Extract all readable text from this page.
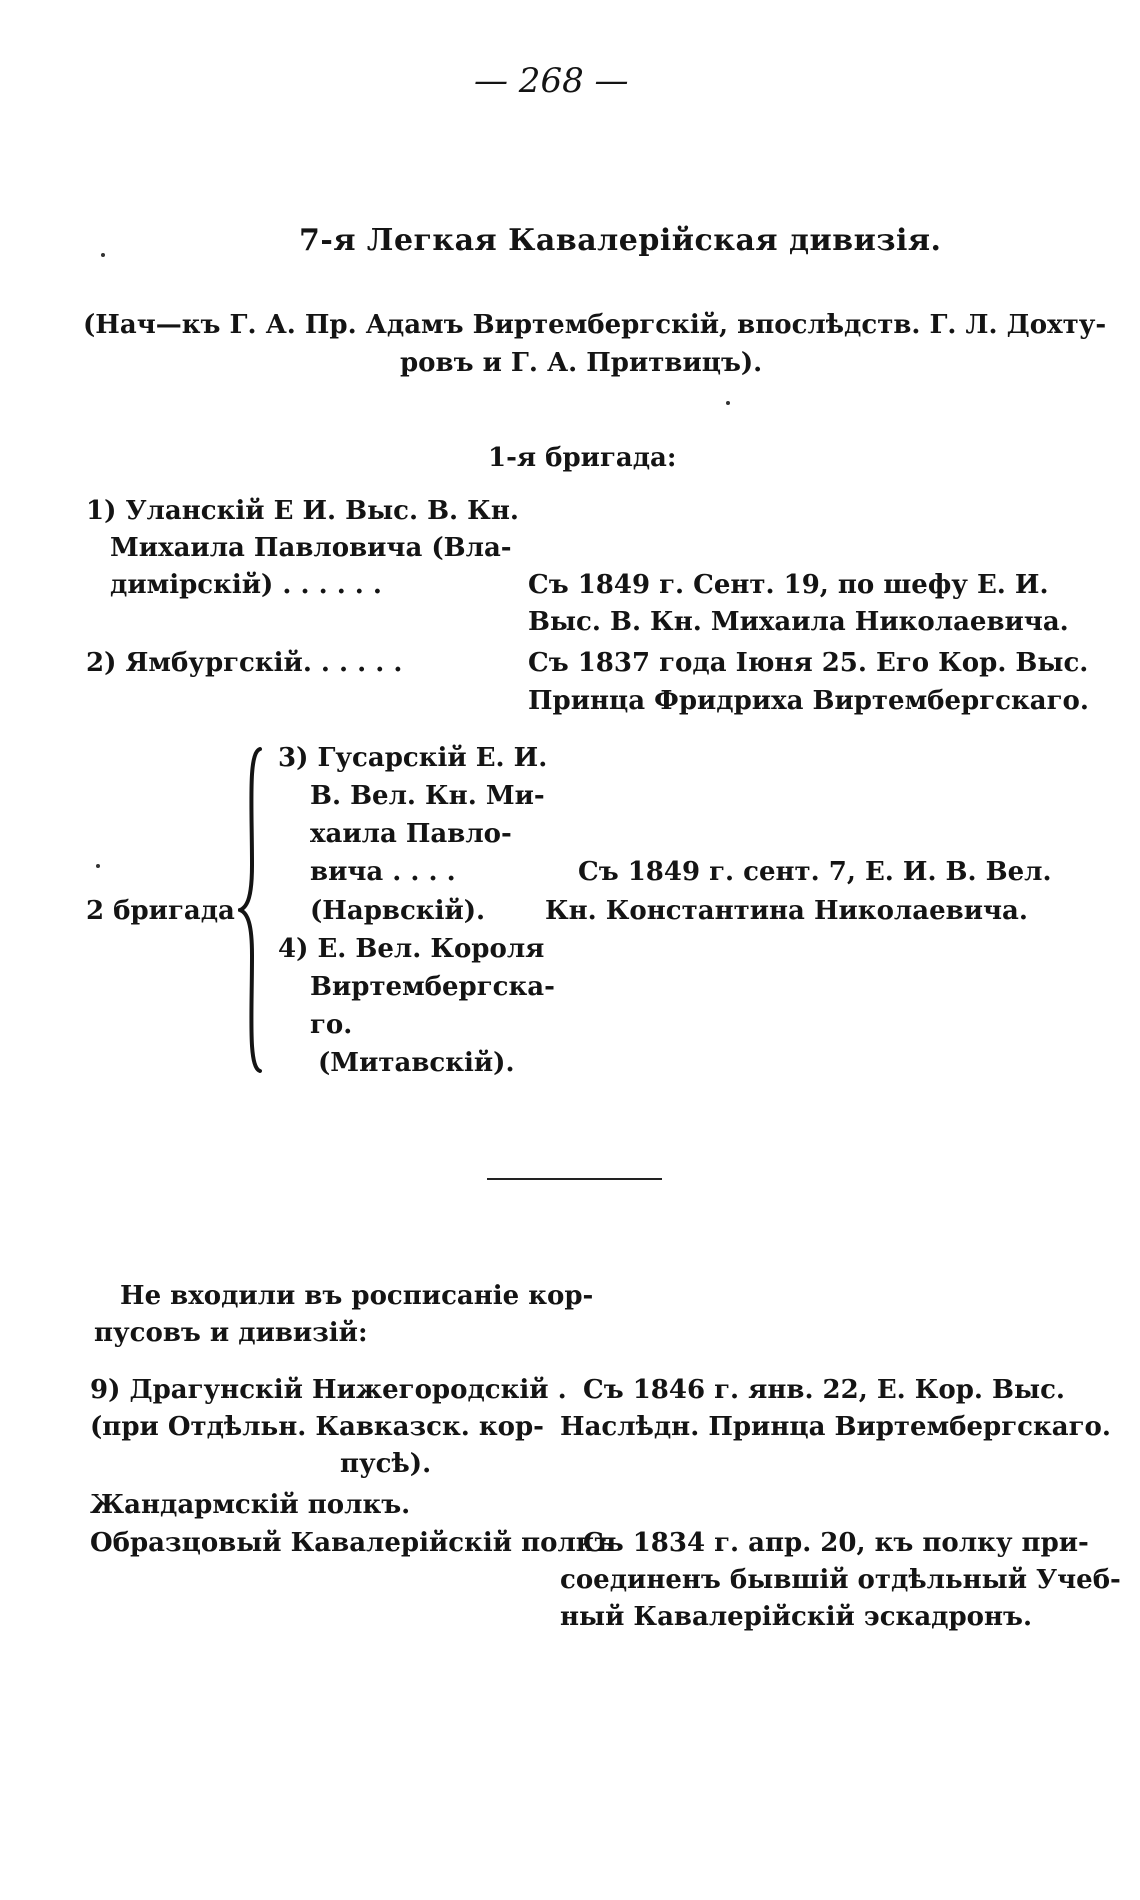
— 268 —
7-я Легкая Кавалерійская дивизія.
(Нач—къ Г. А. Пр. Адамъ Виртембергскій, впослѣдств. Г. Л. Дохту-
ровъ и Г. А. Притвицъ).
1-я бригада:
1) Уланскій Е И. Выс. В. Кн.
Михаила Павловича (Вла-
димірскій) . . . . . .	Съ 1849 г. Сент. 19, по шефу Е. И.
Выс. В. Кн. Михаила Николаевича.
2) Ямбургскій. . . . . .	Съ 1837 года Іюня 25. Его Кор. Выс.
Принца Фридриха Виртембергскаго.
2 бригада
3) Гусарскій Е. И.
В. Вел. Кн. Ми-
хаила Павло-
вича . . . .
(Нарвскій).
Съ 1849 г. сент. 7, Е. И. В. Вел.
Кн. Константина Николаевича.
4) Е. Вел. Короля
Виртембергска-
го.
(Митавскій).
Не входили въ росписаніе кор-
пусовъ и дивизій:
9) Драгунскій Нижегородскій .
(при Отдѣльн. Кавказск. кор-
пусѣ).
Съ 1846 г. янв. 22, Е. Кор. Выс.
Наслѣдн. Принца Виртембергскаго.
Жандармскій полкъ.
Образцовый Кавалерійскій полкъ
Съ 1834 г. апр. 20, къ полку при-
соединенъ бывшій отдѣльный Учеб-
ный Кавалерійскій эскадронъ.
